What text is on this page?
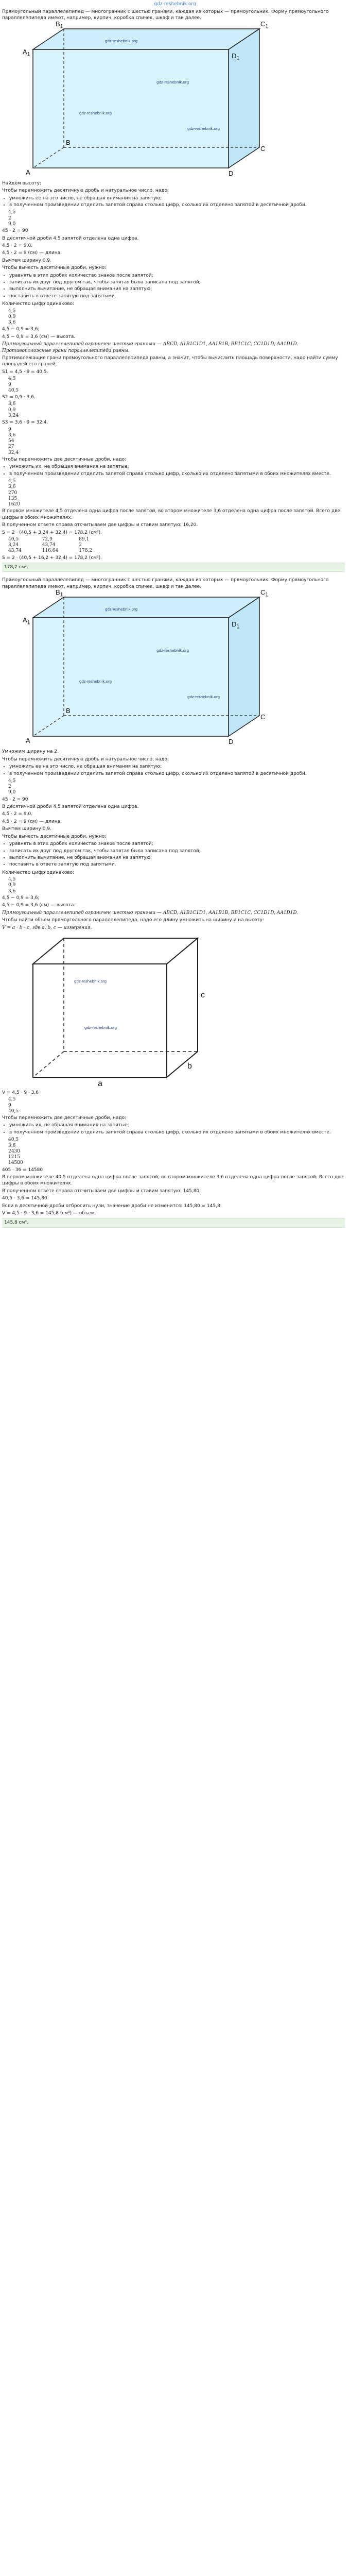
gdz-reshebnik.org

Прямоугольный параллелепипед — многогранник с шестью гранями, каждая из которых — прямоугольник. Форму прямоугольного параллелепипеда имеют, например, кирпич, коробка спичек, шкаф и так далее.

$A_1$
$B_1$	$C_1$
$D_1$
A
B
C
D
gdz-reshebnik.org
gdz-reshebnik.org
gdz-reshebnik.org
gdz-reshebnik.org

Найдём высоту:

Чтобы перемножить десятичную дробь и натуральное число, надо:

• умножить ее на это число, не обращая внимания на запятую;
• в полученном произведении отделить запятой справа столько цифр, сколько их отделено запятой в десятичной дроби.
4,5
2
9,0

45 · 2 = 90

В десятичной дроби 4,5 запятой отделена одна цифра.

4,5 · 2 = 9,0.

4,5 · 2 = 9 (см) — длина.

Вычтем ширину 0,9.

Чтобы вычесть десятичные дроби, нужно:

• уравнять в этих дробях количество знаков после запятой;
• записать их друг под другом так, чтобы запятая была записана под запятой;
• выполнить вычитание, не обращая внимания на запятую;
• поставить в ответе запятую под запятыми.

Количество цифр одинаково:

4,5
0,9
3,6

4,5 − 0,9 = 3,6;

4,5 − 0,9 = 3,6 (см) — высота.

Прямоугольный параллелепипед ограничен шестью гранями — ABCD, A1B1C1D1, AA1B1B, BB1C1C, CC1D1D, AA1D1D. Противоположные грани параллелепипеда равны.

Противолежащие грани прямоугольного параллелепипеда равны, а значит, чтобы вычислить площадь поверхности, надо найти сумму площадей его граней.

S1 = 4,5 · 9 = 40,5.

4,5
9
40,5

S2 = 0,9 · 3,6.

3,6
0,9
3,24

S3 = 3,6 · 9 = 32,4.

9
3,6
54
27
32,4

Чтобы перемножить две десятичные дроби, надо:

• умножить их, не обращая внимания на запятые;
• в полученном произведении отделить запятой справа столько цифр, сколько их отделено запятыми в обоих множителях вместе.
4,5
3,6
270
135
1620

В первом множителе 4,5 отделена одна цифра после запятой, во втором множителе 3,6 отделена одна цифра после запятой. Всего две цифры в обоих множителях.

В полученном ответе справа отсчитываем две цифры и ставим запятую: 16,20.

S = 2 · (40,5 + 3,24 + 32,4) = 178,2 (см²).

40,5
3,24
43,74
72,9
43,74
116,64
89,1
2
178,2

S = 2 · (40,5 + 16,2 + 32,4) = 178,2 (см²).

178,2 см².

Прямоугольный параллелепипед — многогранник с шестью гранями, каждая из которых — прямоугольник. Форму прямоугольного параллелепипеда имеют, например, кирпич, коробка спичек, шкаф и так далее.

$A_1$
$B_1$	$C_1$
$D_1$
A
B
C
D
gdz-reshebnik.org
gdz-reshebnik.org
gdz-reshebnik.org
gdz-reshebnik.org

Умножим ширину на 2.

Чтобы перемножить десятичную дробь и натуральное число, надо:

• умножить ее на это число, не обращая внимания на запятую;
• в полученном произведении отделить запятой справа столько цифр, сколько их отделено запятой в десятичной дроби.
4,5
2
9,0

45 · 2 = 90

В десятичной дроби 4,5 запятой отделена одна цифра.

4,5 · 2 = 9,0.

4,5 · 2 = 9 (см) — длина.

Вычтем ширину 0,9.

Чтобы вычесть десятичные дроби, нужно:

• уравнять в этих дробях количество знаков после запятой;
• записать их друг под другом так, чтобы запятая была записана под запятой;
• выполнить вычитание, не обращая внимания на запятую;
• поставить в ответе запятую под запятыми.

Количество цифр одинаково:

4,5
0,9
3,6

4,5 − 0,9 = 3,6;

4,5 − 0,9 = 3,6 (см) — высота.

Прямоугольный параллелепипед ограничен шестью гранями — ABCD, A1B1C1D1, AA1B1B, BB1C1C, CC1D1D, AA1D1D.

Чтобы найти объем прямоугольного параллелепипеда, надо его длину умножить на ширину и на высоту:

V = a · b · c, где a, b, c — измерения.

a
b
c
gdz-reshebnik.org
gdz-reshebnik.org

V = 4,5 · 9 · 3,6

4,5
9
40,5

Чтобы перемножить две десятичные дроби, надо:

• умножить их, не обращая внимания на запятые;
• в полученном произведении отделить запятой справа столько цифр, сколько их отделено запятыми в обоих множителях вместе.
40,5
3,6
2430
1215
14580

405 · 36 = 14580

В первом множителе 40,5 отделена одна цифра после запятой, во втором множителе 3,6 отделена одна цифра после запятой. Всего две цифры в обоих множителях.

В полученном ответе справа отсчитываем две цифры и ставим запятую: 145,80.

40,5 · 3,6 = 145,80.

Если в десятичной дроби отбросить нули, значение дроби не изменится: 145,80 = 145,8.

V = 4,5 · 9 · 3,6 = 145,8 (см³) — объем.

145,8 см³.
